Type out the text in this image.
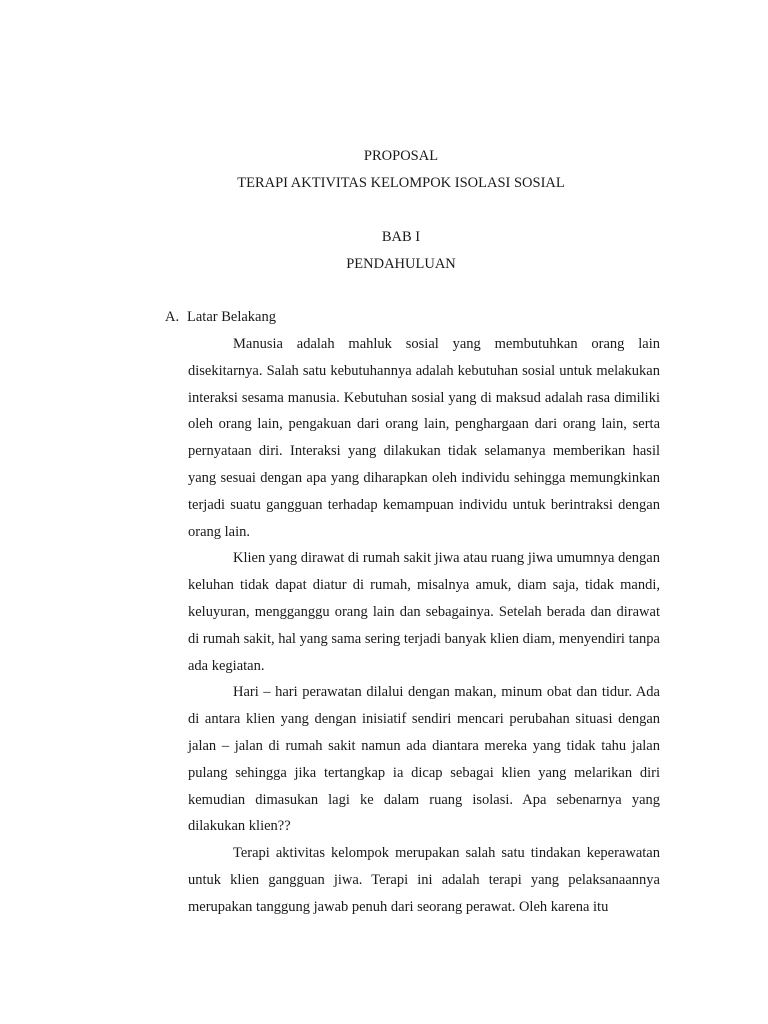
PROPOSAL
TERAPI AKTIVITAS KELOMPOK ISOLASI SOSIAL
BAB I
PENDAHULUAN
A. Latar Belakang

Manusia adalah mahluk sosial yang membutuhkan orang lain disekitarnya. Salah satu kebutuhannya adalah kebutuhan sosial untuk melakukan interaksi sesama manusia. Kebutuhan sosial yang di maksud adalah rasa dimiliki oleh orang lain, pengakuan dari orang lain, penghargaan dari orang lain, serta pernyataan diri. Interaksi yang dilakukan tidak selamanya memberikan hasil yang sesuai dengan apa yang diharapkan oleh individu sehingga memungkinkan terjadi suatu gangguan terhadap kemampuan individu untuk berintraksi dengan orang lain.

Klien yang dirawat di rumah sakit jiwa atau ruang jiwa umumnya dengan keluhan tidak dapat diatur di rumah, misalnya amuk, diam saja, tidak mandi, keluyuran, mengganggu orang lain dan sebagainya. Setelah berada dan dirawat di rumah sakit, hal yang sama sering terjadi banyak klien diam, menyendiri tanpa ada kegiatan.

Hari – hari perawatan dilalui dengan makan, minum obat dan tidur. Ada di antara klien yang dengan inisiatif sendiri mencari perubahan situasi dengan jalan – jalan di rumah sakit namun ada diantara mereka yang tidak tahu jalan pulang sehingga jika tertangkap ia dicap sebagai klien yang melarikan diri kemudian dimasukan lagi ke dalam ruang isolasi. Apa sebenarnya yang dilakukan klien??

Terapi aktivitas kelompok merupakan salah satu tindakan keperawatan untuk klien gangguan jiwa. Terapi ini adalah terapi yang pelaksanaannya merupakan tanggung jawab penuh dari seorang perawat. Oleh karena itu
